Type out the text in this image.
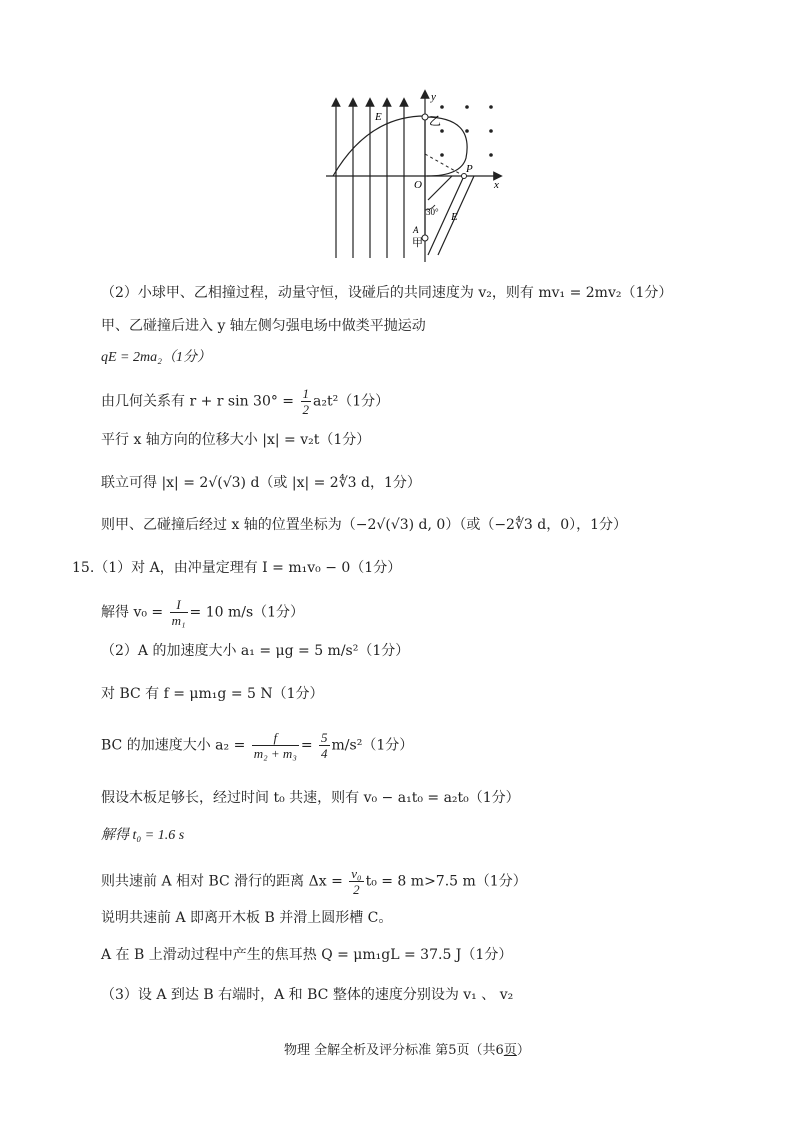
y
x
O
P
E
E
乙
30°
A
甲
（2）小球甲、乙相撞过程，动量守恒，设碰后的共同速度为 v₂，则有 mv₁ = 2mv₂（1分）
甲、乙碰撞后进入 y 轴左侧匀强电场中做类平抛运动
qE = 2ma₂（1分）
由几何关系有 r + r $\sin 30^\circ = \frac{1}{2} a_2t^2(1$分）
平行 x 轴方向的位移大小 |x| = v₂t（1分）
联立可得 |x| = 2√(√3) d（或 |x| = 2∜3 d，1分）
则甲、乙碰撞后经过 x 轴的位置坐标为（−2√(√3) d, 0）（或（−2∜3 d，0），1分）
15.（1）对 A，由冲量定理有 I = m₁v₀ − 0（1分）
解得 $v_0 = \frac{I}{\text{m₁}} = 10$ m/s（1分）
（2）A 的加速度大小 a₁ = μg = 5 m/s²（1分）
对 BC 有 f = μm₁g = 5 N（1分）
BC 的加速度大小 $a_2 = \frac{f}{\text{m₂ + m₃}} = \frac{5}{4} m/s^2(1$分）
假设木板足够长，经过时间 t₀ 共速，则有 v₀ − a₁t₀ = a₂t₀（1分）
解得 t₀ = 1.6 s
则共速前 A 相对 BC 滑行的距离 $\Delta x = \frac{\text{v₀}}{2} t_0 = 8$ m>7.5 m（1分）
说明共速前 A 即离开木板 B 并滑上圆形槽 C。
A 在 B 上滑动过程中产生的焦耳热 Q = μm₁gL = 37.5 J（1分）
（3）设 A 到达 B 右端时，A 和 BC 整体的速度分别设为 v₁ 、 v₂
物理 全解全析及评分标准 第5页（共6页）
